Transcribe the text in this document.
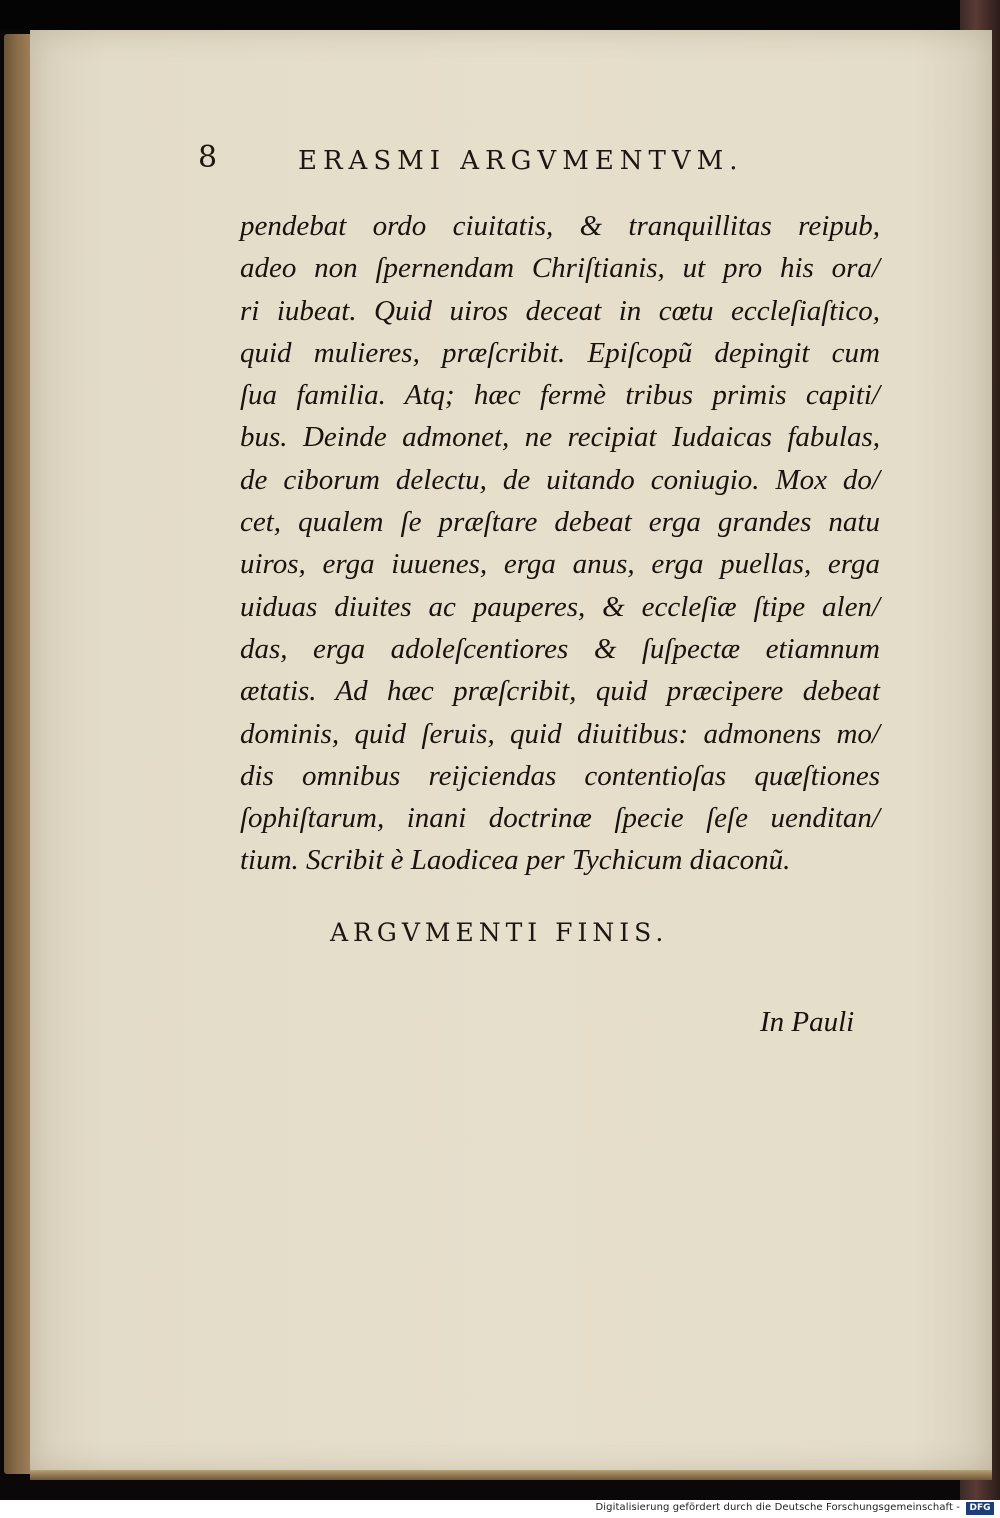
8	ERASMI ARGVMENTVM.
pendebat ordo ciuitatis, & tranquillitas reipub,
adeo non ſpernendam Chriſtianis, ut pro his ora/
ri iubeat. Quid uiros deceat in cœtu eccleſiaſtico,
quid mulieres, præſcribit. Epiſcopũ depingit cum
ſua familia. Atq; hæc fermè tribus primis capiti/
bus. Deinde admonet, ne recipiat Iudaicas fabulas,
de ciborum delectu, de uitando coniugio. Mox do/
cet, qualem ſe præſtare debeat erga grandes natu
uiros, erga iuuenes, erga anus, erga puellas, erga
uiduas diuites ac pauperes, & eccleſiæ ſtipe alen/
das, erga adoleſcentiores & ſuſpectæ etiamnum
ætatis. Ad hæc præſcribit, quid præcipere debeat
dominis, quid ſeruis, quid diuitibus: admonens mo/
dis omnibus reijciendas contentioſas quæſtiones
ſophiſtarum, inani doctrinæ ſpecie ſeſe uenditan/
tium. Scribit è Laodicea per Tychicum diaconũ.
ARGVMENTI FINIS.
In Pauli
Digitalisierung gefördert durch die Deutsche Forschungsgemeinschaft -	DFG
